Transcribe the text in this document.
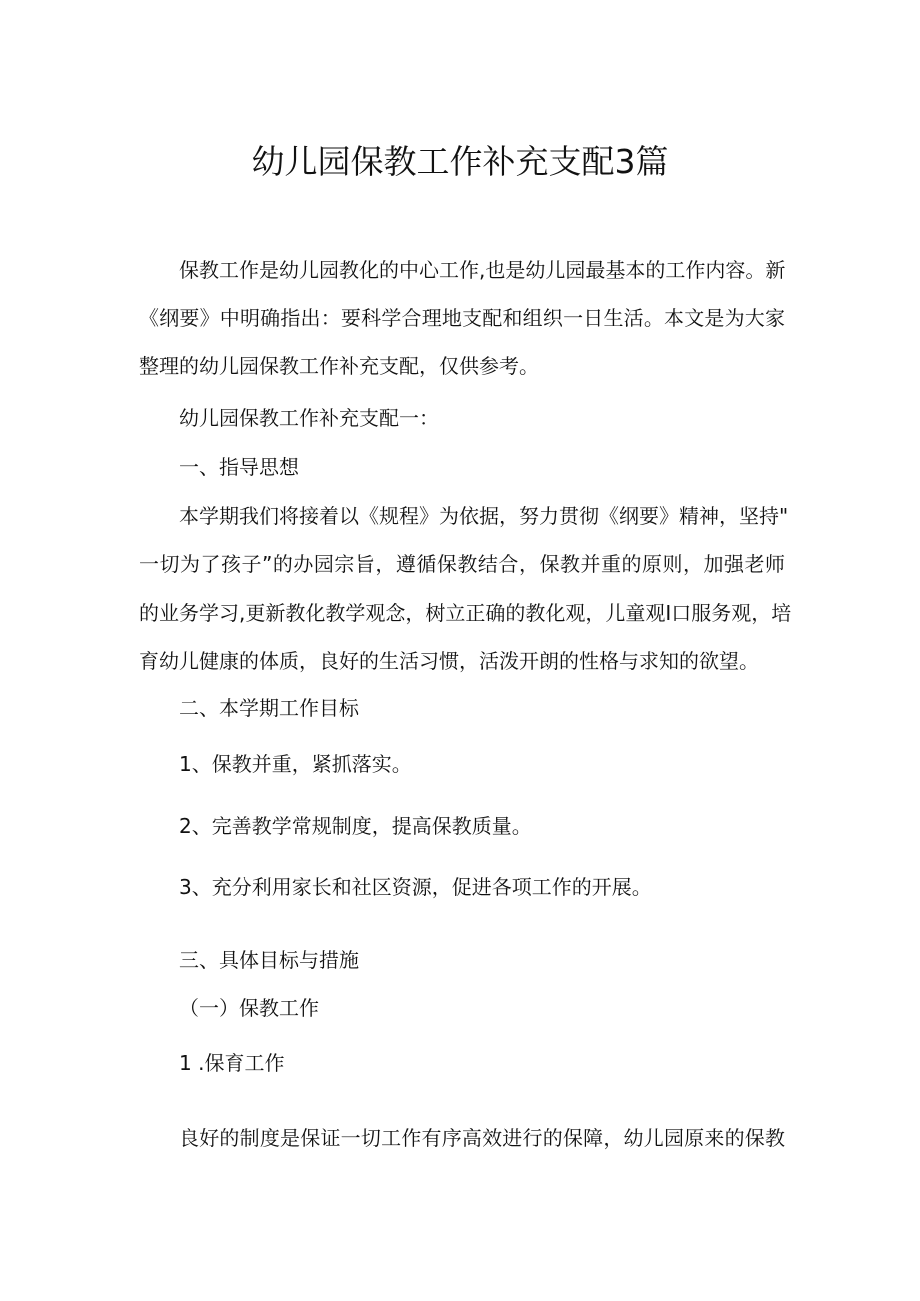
幼儿园保教工作补充支配3篇
保教工作是幼儿园教化的中心工作,也是幼儿园最基本的工作内容。新
《纲要》中明确指出：要科学合理地支配和组织一日生活。本文是为大家
整理的幼儿园保教工作补充支配，仅供参考。
幼儿园保教工作补充支配一：
一、指导思想
本学期我们将接着以《规程》为依据，努力贯彻《纲要》精神，坚持"
一切为了孩子”的办园宗旨，遵循保教结合，保教并重的原则，加强老师
的业务学习,更新教化教学观念，树立正确的教化观，儿童观I口服务观，培
育幼儿健康的体质，良好的生活习惯，活泼开朗的性格与求知的欲望。
二、本学期工作目标
1、保教并重，紧抓落实。
2、完善教学常规制度，提高保教质量。
3、充分利用家长和社区资源，促进各项工作的开展。
三、具体目标与措施
（一）保教工作
1 .保育工作
良好的制度是保证一切工作有序高效进行的保障，幼儿园原来的保教
